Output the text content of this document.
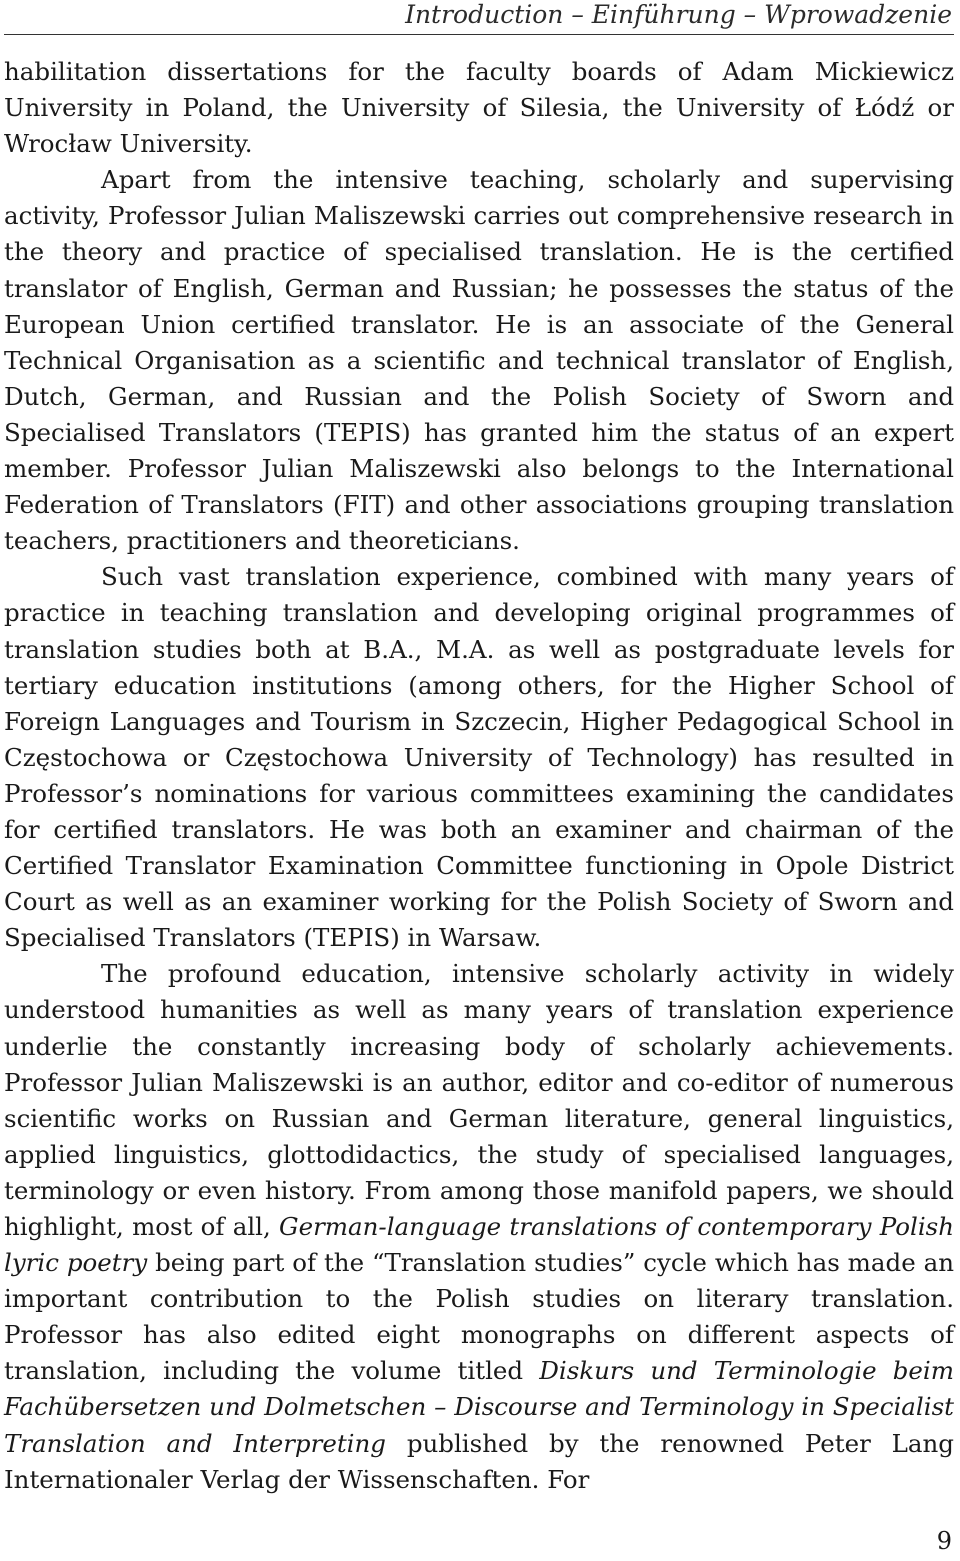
Introduction – Einführung – Wprowadzenie

habilitation dissertations for the faculty boards of Adam Mickiewicz University in Poland, the University of Silesia, the University of Łódź or Wrocław University.

Apart from the intensive teaching, scholarly and supervising activity, Professor Julian Maliszewski carries out comprehensive research in the theory and practice of specialised translation. He is the certified translator of English, German and Russian; he possesses the status of the European Union certified translator. He is an associate of the General Technical Organisation as a scientific and technical translator of English, Dutch, German, and Russian and the Polish Society of Sworn and Specialised Translators (TEPIS) has granted him the status of an expert member. Professor Julian Maliszewski also belongs to the International Federation of Translators (FIT) and other associations grouping translation teachers, practitioners and theoreticians.

Such vast translation experience, combined with many years of practice in teaching translation and developing original programmes of translation studies both at B.A., M.A. as well as postgraduate levels for tertiary education institutions (among others, for the Higher School of Foreign Languages and Tourism in Szczecin, Higher Pedagogical School in Częstochowa or Częstochowa University of Technology) has resulted in Professor’s nominations for various committees examining the candidates for certified translators. He was both an examiner and chairman of the Certified Translator Examination Committee functioning in Opole District Court as well as an examiner working for the Polish Society of Sworn and Specialised Translators (TEPIS) in Warsaw.

The profound education, intensive scholarly activity in widely understood humanities as well as many years of translation experience underlie the constantly increasing body of scholarly achievements. Professor Julian Maliszewski is an author, editor and co-editor of numerous scientific works on Russian and German literature, general linguistics, applied linguistics, glottodidactics, the study of specialised languages, terminology or even history. From among those manifold papers, we should highlight, most of all, German-language translations of contemporary Polish lyric poetry being part of the “Translation studies” cycle which has made an important contribution to the Polish studies on literary translation. Professor has also edited eight monographs on different aspects of translation, including the volume titled Diskurs und Terminologie beim Fachübersetzen und Dolmetschen – Discourse and Terminology in Specialist Translation and Interpreting published by the renowned Peter Lang Internationaler Verlag der Wissenschaften. For

9
